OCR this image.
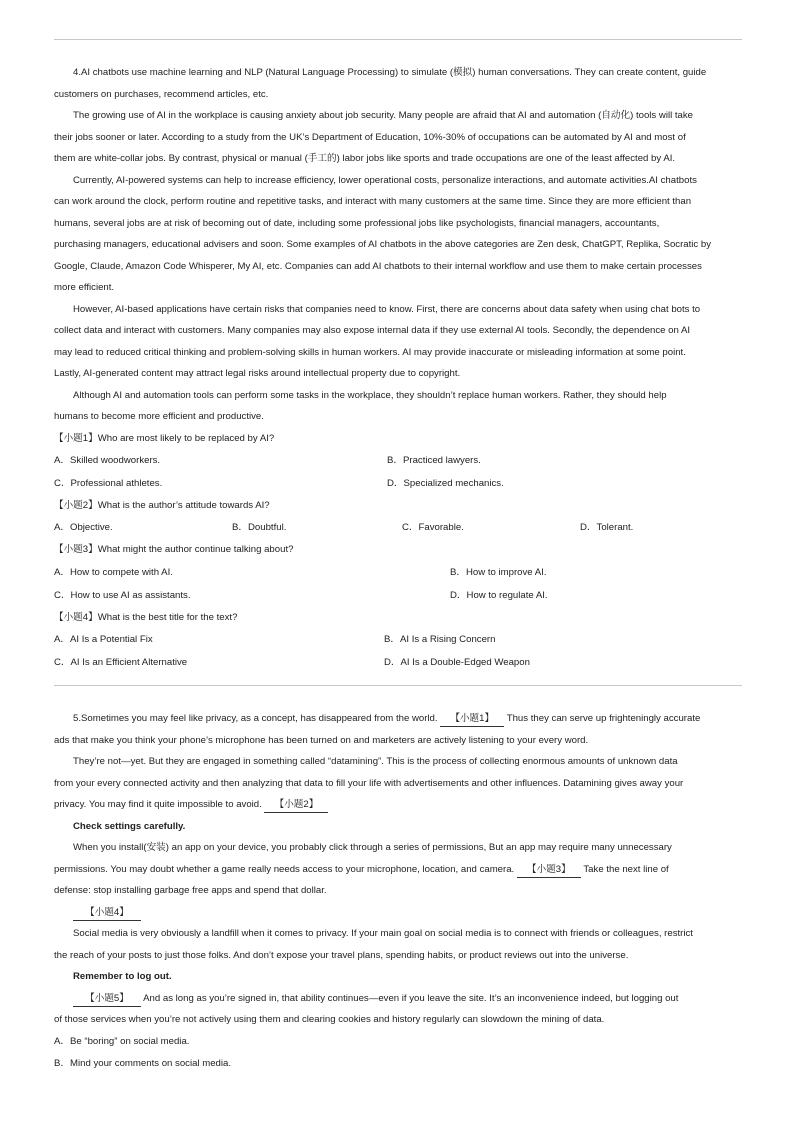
4.AI chatbots use machine learning and NLP (Natural Language Processing) to simulate (模拟) human conversations. They can create content, guide
customers on purchases, recommend articles, etc.
The growing use of AI in the workplace is causing anxiety about job security. Many people are afraid that AI and automation (自动化) tools will take
their jobs sooner or later. According to a study from the UK’s Department of Education, 10%-30% of occupations can be automated by AI and most of
them are white-collar jobs. By contrast, physical or manual (手工的) labor jobs like sports and trade occupations are one of the least affected by AI.
Currently, AI-powered systems can help to increase efficiency, lower operational costs, personalize interactions, and automate activities.AI chatbots
can work around the clock, perform routine and repetitive tasks, and interact with many customers at the same time. Since they are more efficient than
humans, several jobs are at risk of becoming out of date, including some professional jobs like psychologists, financial managers, accountants,
purchasing managers, educational advisers and soon. Some examples of AI chatbots in the above categories are Zen desk, ChatGPT, Replika, Socratic by
Google, Claude, Amazon Code Whisperer, My AI, etc. Companies can add AI chatbots to their internal workflow and use them to make certain processes
more efficient.
However, AI-based applications have certain risks that companies need to know. First, there are concerns about data safety when using chat bots to
collect data and interact with customers. Many companies may also expose internal data if they use external AI tools. Secondly, the dependence on AI
may lead to reduced critical thinking and problem-solving skills in human workers. AI may provide inaccurate or misleading information at some point.
Lastly, AI-generated content may attract legal risks around intellectual property due to copyright.
Although AI and automation tools can perform some tasks in the workplace, they shouldn’t replace human workers. Rather, they should help
humans to become more efficient and productive.
【小题1】Who are most likely to be replaced by AI?
A．Skilled woodworkers.	B．Practiced lawyers.
C．Professional athletes.	D．Specialized mechanics.
【小题2】What is the author’s attitude towards AI?
A．Objective.	B．Doubtful.	C．Favorable.	D．Tolerant.
【小题3】What might the author continue talking about?
A．How to compete with AI.	B．How to improve AI.
C．How to use AI as assistants.	D．How to regulate AI.
【小题4】What is the best title for the text?
A．AI Is a Potential Fix	B．AI Is a Rising Concern
C．AI Is an Efficient Alternative	D．AI Is a Double-Edged Weapon
5.Sometimes you may feel like privacy, as a concept, has disappeared from the world. 【小题1】 Thus they can serve up frighteningly accurate
ads that make you think your phone’s microphone has been turned on and marketers are actively listening to your every word.
They’re not—yet. But they are engaged in something called “datamining”. This is the process of collecting enormous amounts of unknown data
from your every connected activity and then analyzing that data to fill your life with advertisements and other influences. Datamining gives away your
privacy. You may find it quite impossible to avoid. 【小题2】
Check settings carefully.
When you install(安装) an app on your device, you probably click through a series of permissions, But an app may require many unnecessary
permissions. You may doubt whether a game really needs access to your microphone, location, and camera. 【小题3】 Take the next line of
defense: stop installing garbage free apps and spend that dollar.
【小题4】
Social media is very obviously a landfill when it comes to privacy. If your main goal on social media is to connect with friends or colleagues, restrict
the reach of your posts to just those folks. And don’t expose your travel plans, spending habits, or product reviews out into the universe.
Remember to log out.
【小题5】 And as long as you’re signed in, that ability continues—even if you leave the site. It’s an inconvenience indeed, but logging out
of those services when you’re not actively using them and clearing cookies and history regularly can slowdown the mining of data.
A．Be “boring” on social media.
B．Mind your comments on social media.
